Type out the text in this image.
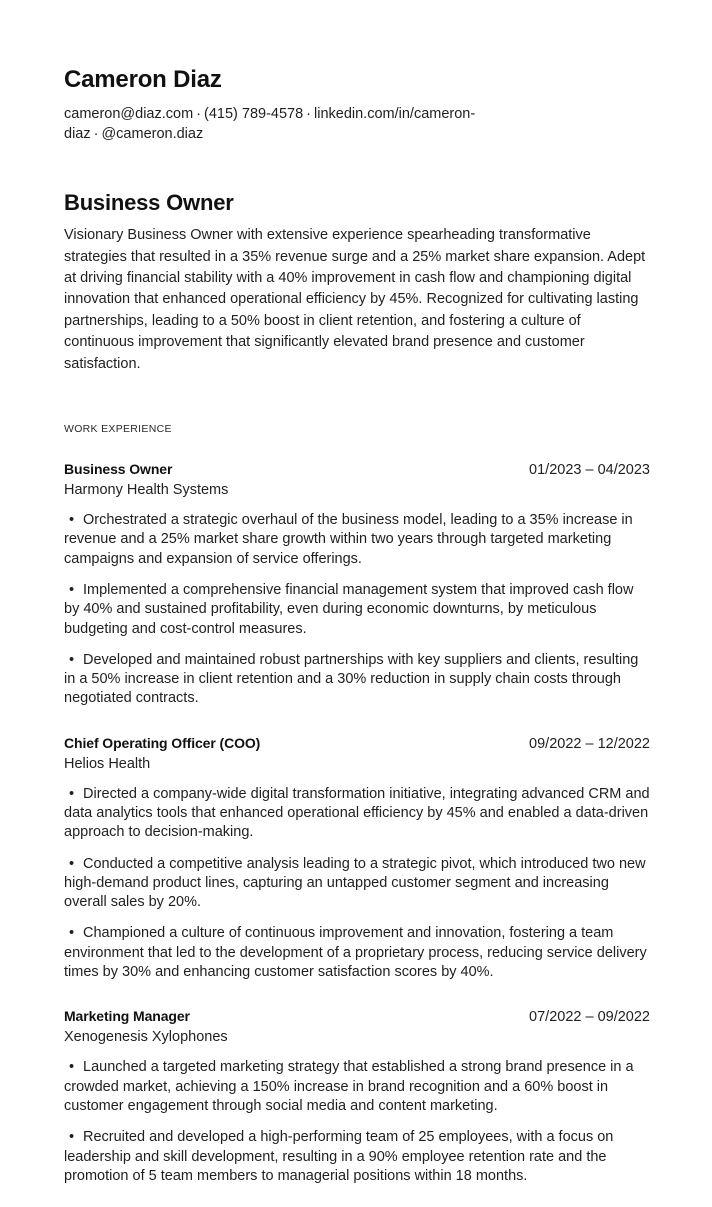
Cameron Diaz
cameron@diaz.com · (415) 789-4578 · linkedin.com/in/cameron-diaz · @cameron.diaz
Business Owner
Visionary Business Owner with extensive experience spearheading transformative strategies that resulted in a 35% revenue surge and a 25% market share expansion. Adept at driving financial stability with a 40% improvement in cash flow and championing digital innovation that enhanced operational efficiency by 45%. Recognized for cultivating lasting partnerships, leading to a 50% boost in client retention, and fostering a culture of continuous improvement that significantly elevated brand presence and customer satisfaction.
WORK EXPERIENCE
Business Owner	01/2023 – 04/2023
Harmony Health Systems
• Orchestrated a strategic overhaul of the business model, leading to a 35% increase in revenue and a 25% market share growth within two years through targeted marketing campaigns and expansion of service offerings.
• Implemented a comprehensive financial management system that improved cash flow by 40% and sustained profitability, even during economic downturns, by meticulous budgeting and cost-control measures.
• Developed and maintained robust partnerships with key suppliers and clients, resulting in a 50% increase in client retention and a 30% reduction in supply chain costs through negotiated contracts.
Chief Operating Officer (COO)	09/2022 – 12/2022
Helios Health
• Directed a company-wide digital transformation initiative, integrating advanced CRM and data analytics tools that enhanced operational efficiency by 45% and enabled a data-driven approach to decision-making.
• Conducted a competitive analysis leading to a strategic pivot, which introduced two new high-demand product lines, capturing an untapped customer segment and increasing overall sales by 20%.
• Championed a culture of continuous improvement and innovation, fostering a team environment that led to the development of a proprietary process, reducing service delivery times by 30% and enhancing customer satisfaction scores by 40%.
Marketing Manager	07/2022 – 09/2022
Xenogenesis Xylophones
• Launched a targeted marketing strategy that established a strong brand presence in a crowded market, achieving a 150% increase in brand recognition and a 60% boost in customer engagement through social media and content marketing.
• Recruited and developed a high-performing team of 25 employees, with a focus on leadership and skill development, resulting in a 90% employee retention rate and the promotion of 5 team members to managerial positions within 18 months.
